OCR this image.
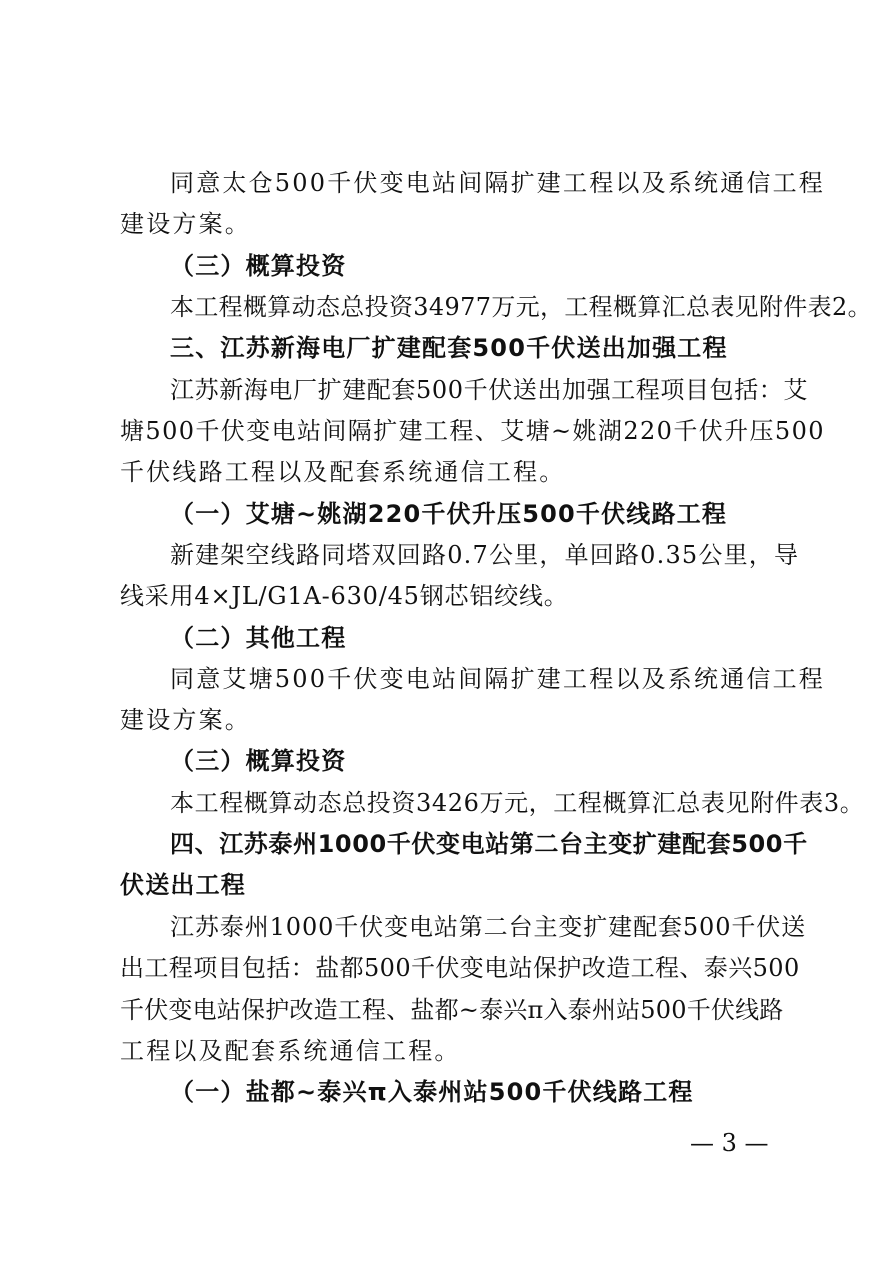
同意太仓500千伏变电站间隔扩建工程以及系统通信工程
建设方案。
（三）概算投资
本工程概算动态总投资34977万元，工程概算汇总表见附件表2。
三、江苏新海电厂扩建配套500千伏送出加强工程
江苏新海电厂扩建配套500千伏送出加强工程项目包括：艾
塘500千伏变电站间隔扩建工程、艾塘~姚湖220千伏升压500
千伏线路工程以及配套系统通信工程。
（一）艾塘~姚湖220千伏升压500千伏线路工程
新建架空线路同塔双回路0.7公里，单回路0.35公里，导
线采用4×JL/G1A-630/45钢芯铝绞线。
（二）其他工程
同意艾塘500千伏变电站间隔扩建工程以及系统通信工程
建设方案。
（三）概算投资
本工程概算动态总投资3426万元，工程概算汇总表见附件表3。
四、江苏泰州1000千伏变电站第二台主变扩建配套500千
伏送出工程
江苏泰州1000千伏变电站第二台主变扩建配套500千伏送
出工程项目包括：盐都500千伏变电站保护改造工程、泰兴500
千伏变电站保护改造工程、盐都~泰兴π入泰州站500千伏线路
工程以及配套系统通信工程。
（一）盐都~泰兴π入泰州站500千伏线路工程
— 3 —
